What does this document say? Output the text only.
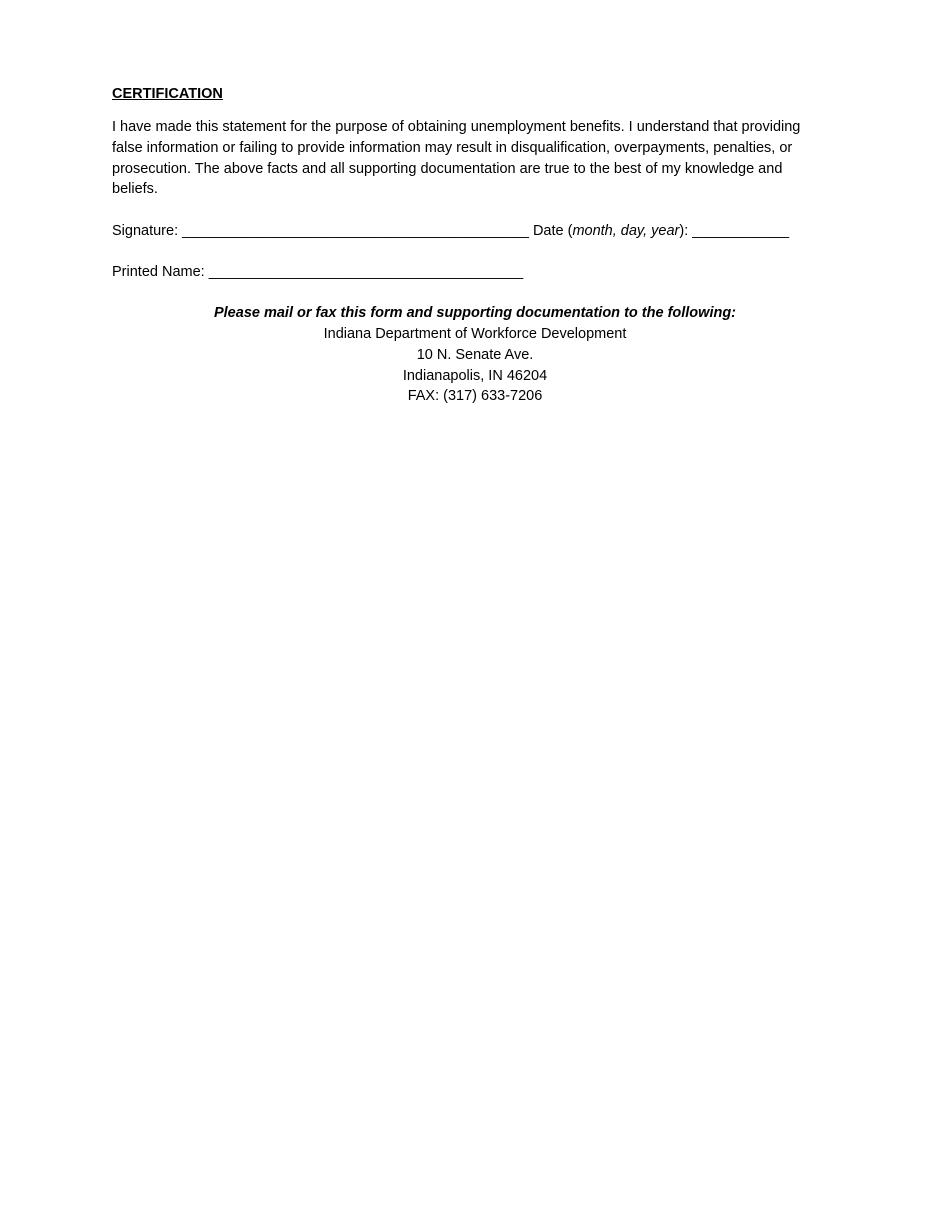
CERTIFICATION

I have made this statement for the purpose of obtaining unemployment benefits. I understand that providing false information or failing to provide information may result in disqualification, overpayments, penalties, or prosecution. The above facts and all supporting documentation are true to the best of my knowledge and beliefs.

Signature: ___________________________________________ Date (month, day, year): ____________
Printed Name: _______________________________________
Please mail or fax this form and supporting documentation to the following:
Indiana Department of Workforce Development
10 N. Senate Ave.
Indianapolis, IN 46204
FAX: (317) 633-7206
